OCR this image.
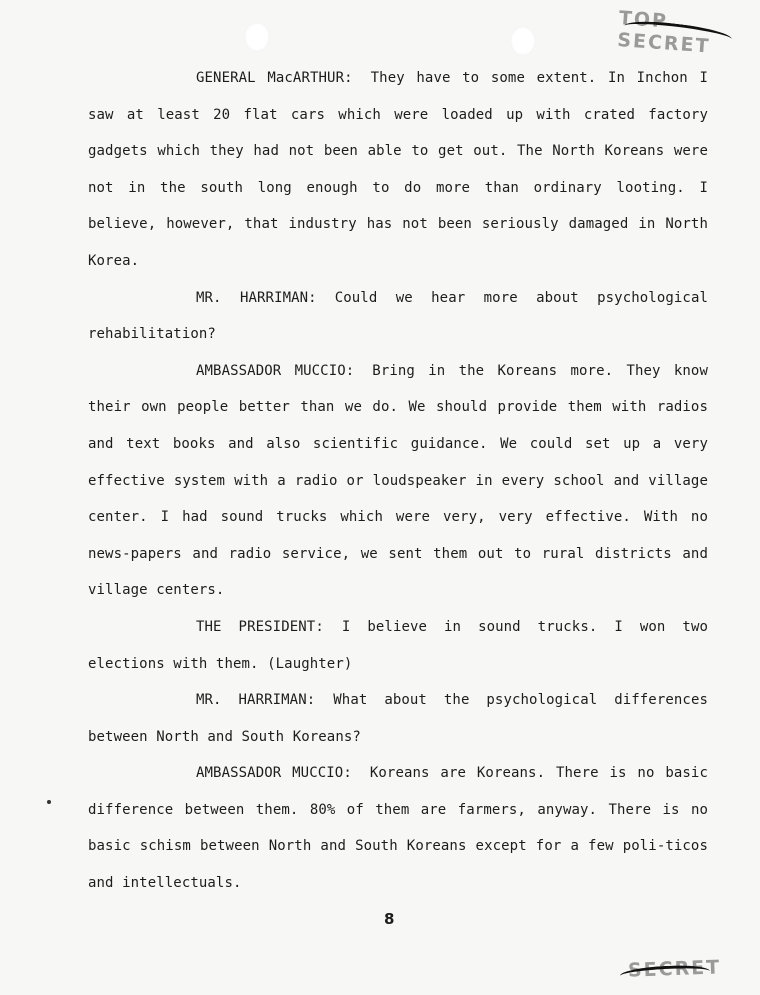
TOP SECRET

GENERAL MacARTHUR: They have to some extent. In Inchon I saw at least 20 flat cars which were loaded up with crated factory gadgets which they had not been able to get out. The North Koreans were not in the south long enough to do more than ordinary looting. I believe, however, that industry has not been seriously damaged in North Korea.

MR. HARRIMAN: Could we hear more about psychological rehabilitation?

AMBASSADOR MUCCIO: Bring in the Koreans more. They know their own people better than we do. We should provide them with radios and text books and also scientific guidance. We could set up a very effective system with a radio or loudspeaker in every school and village center. I had sound trucks which were very, very effective. With no news-papers and radio service, we sent them out to rural districts and village centers.

THE PRESIDENT: I believe in sound trucks. I won two elections with them. (Laughter)

MR. HARRIMAN: What about the psychological differences between North and South Koreans?

AMBASSADOR MUCCIO: Koreans are Koreans. There is no basic difference between them. 80% of them are farmers, anyway. There is no basic schism between North and South Koreans except for a few poli-ticos and intellectuals.

8
SECRET
